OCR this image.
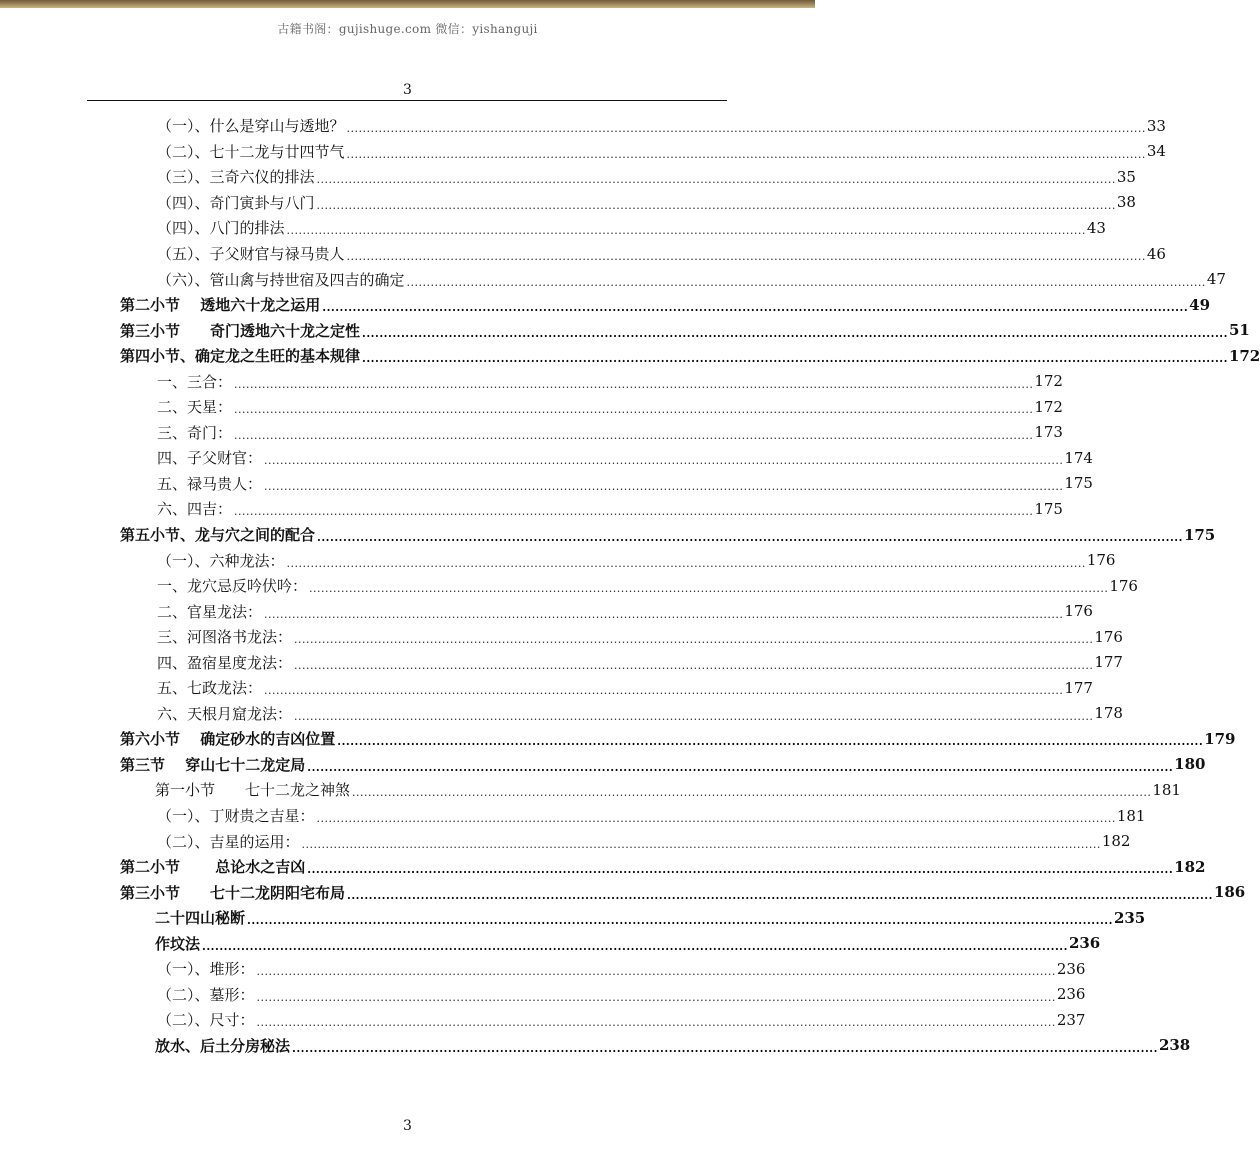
古籍书阁：gujishuge.com 微信：yishanguji
3
（一）、什么是穿山与透地？ ........................................................................................................................................................................................................ 33
（二）、七十二龙与廿四节气 ........................................................................................................................................................................................................ 34
（三）、三奇六仪的排法 ........................................................................................................................................................................................................ 35
（四）、奇门寅卦与八门 ........................................................................................................................................................................................................ 38
（四）、八门的排法 ........................................................................................................................................................................................................ 43
（五）、子父财官与禄马贵人 ........................................................................................................................................................................................................ 46
（六）、管山禽与持世宿及四吉的确定 ........................................................................................................................................................................................................ 47
第二小节　 透地六十龙之运用 ........................................................................................................................................................................................................ 49
第三小节　　奇门透地六十龙之定性 ........................................................................................................................................................................................................ 51
第四小节、确定龙之生旺的基本规律 ........................................................................................................................................................................................................ 172
一、三合： ........................................................................................................................................................................................................ 172
二、天星： ........................................................................................................................................................................................................ 172
三、奇门： ........................................................................................................................................................................................................ 173
四、子父财官： ........................................................................................................................................................................................................ 174
五、禄马贵人： ........................................................................................................................................................................................................ 175
六、四吉： ........................................................................................................................................................................................................ 175
第五小节、龙与穴之间的配合 ........................................................................................................................................................................................................ 175
（一）、六种龙法： ........................................................................................................................................................................................................ 176
一、龙穴忌反吟伏吟： ........................................................................................................................................................................................................ 176
二、官星龙法： ........................................................................................................................................................................................................ 176
三、河图洛书龙法： ........................................................................................................................................................................................................ 176
四、盈宿星度龙法： ........................................................................................................................................................................................................ 177
五、七政龙法： ........................................................................................................................................................................................................ 177
六、天根月窟龙法： ........................................................................................................................................................................................................ 178
第六小节　 确定砂水的吉凶位置 ........................................................................................................................................................................................................ 179
第三节　 穿山七十二龙定局 ........................................................................................................................................................................................................ 180
第一小节　　七十二龙之神煞 ........................................................................................................................................................................................................ 181
（一）、丁财贵之吉星： ........................................................................................................................................................................................................ 181
（二）、吉星的运用： ........................................................................................................................................................................................................ 182
第二小节　　 总论水之吉凶 ........................................................................................................................................................................................................ 182
第三小节　　七十二龙阴阳宅布局 ........................................................................................................................................................................................................ 186
二十四山秘断 ........................................................................................................................................................................................................ 235
作坟法 ........................................................................................................................................................................................................ 236
（一）、堆形： ........................................................................................................................................................................................................ 236
（二）、墓形： ........................................................................................................................................................................................................ 236
（二）、尺寸： ........................................................................................................................................................................................................ 237
放水、后土分房秘法 ........................................................................................................................................................................................................ 238
3
